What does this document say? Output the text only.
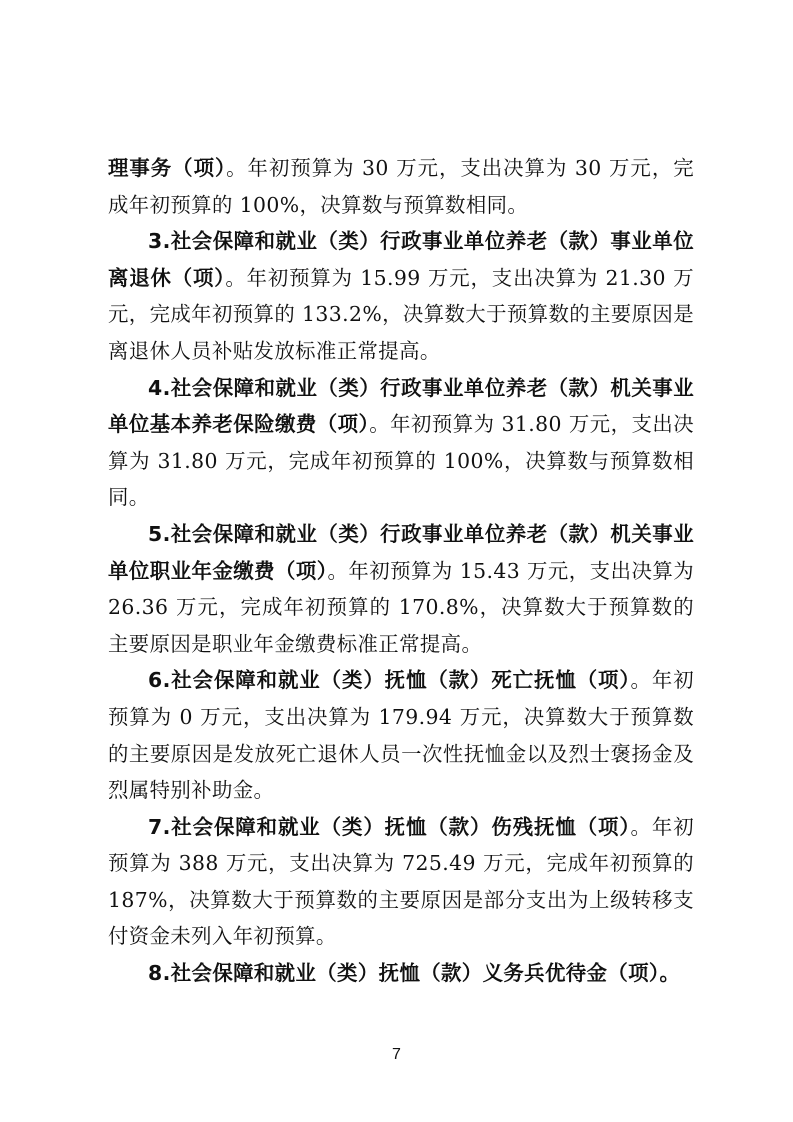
理事务（项）。年初预算为 30 万元，支出决算为 30 万元，完成年初预算的 100%，决算数与预算数相同。

3.社会保障和就业（类）行政事业单位养老（款）事业单位离退休（项）。年初预算为 15.99 万元，支出决算为 21.30 万元，完成年初预算的 133.2%，决算数大于预算数的主要原因是离退休人员补贴发放标准正常提高。

4.社会保障和就业（类）行政事业单位养老（款）机关事业单位基本养老保险缴费（项）。年初预算为 31.80 万元，支出决算为 31.80 万元，完成年初预算的 100%，决算数与预算数相同。

5.社会保障和就业（类）行政事业单位养老（款）机关事业单位职业年金缴费（项）。年初预算为 15.43 万元，支出决算为 26.36 万元，完成年初预算的 170.8%，决算数大于预算数的主要原因是职业年金缴费标准正常提高。

6.社会保障和就业（类）抚恤（款）死亡抚恤（项）。年初预算为 0 万元，支出决算为 179.94 万元，决算数大于预算数的主要原因是发放死亡退休人员一次性抚恤金以及烈士褒扬金及烈属特别补助金。

7.社会保障和就业（类）抚恤（款）伤残抚恤（项）。年初预算为 388 万元，支出决算为 725.49 万元，完成年初预算的 187%，决算数大于预算数的主要原因是部分支出为上级转移支付资金未列入年初预算。

8.社会保障和就业（类）抚恤（款）义务兵优待金（项）。

7
